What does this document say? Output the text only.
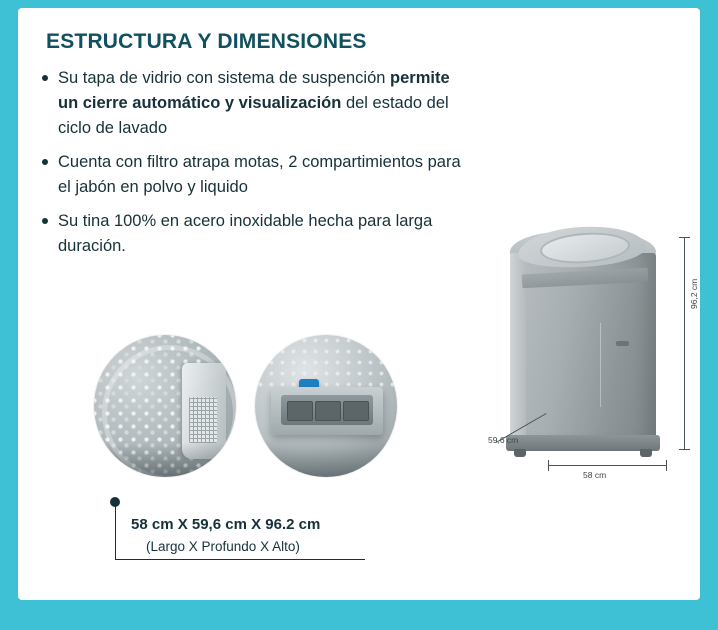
ESTRUCTURA Y DIMENSIONES
Su tapa de vidrio con sistema de suspención permite un cierre automático y visualización del estado del ciclo de lavado
Cuenta con filtro atrapa motas, 2 compartimientos para el jabón en polvo y liquido
Su tina 100% en acero inoxidable hecha para larga duración.
58 cm X 59,6 cm X 96.2 cm
(Largo X Profundo X Alto)
96,2 cm
58 cm
59,6 cm
